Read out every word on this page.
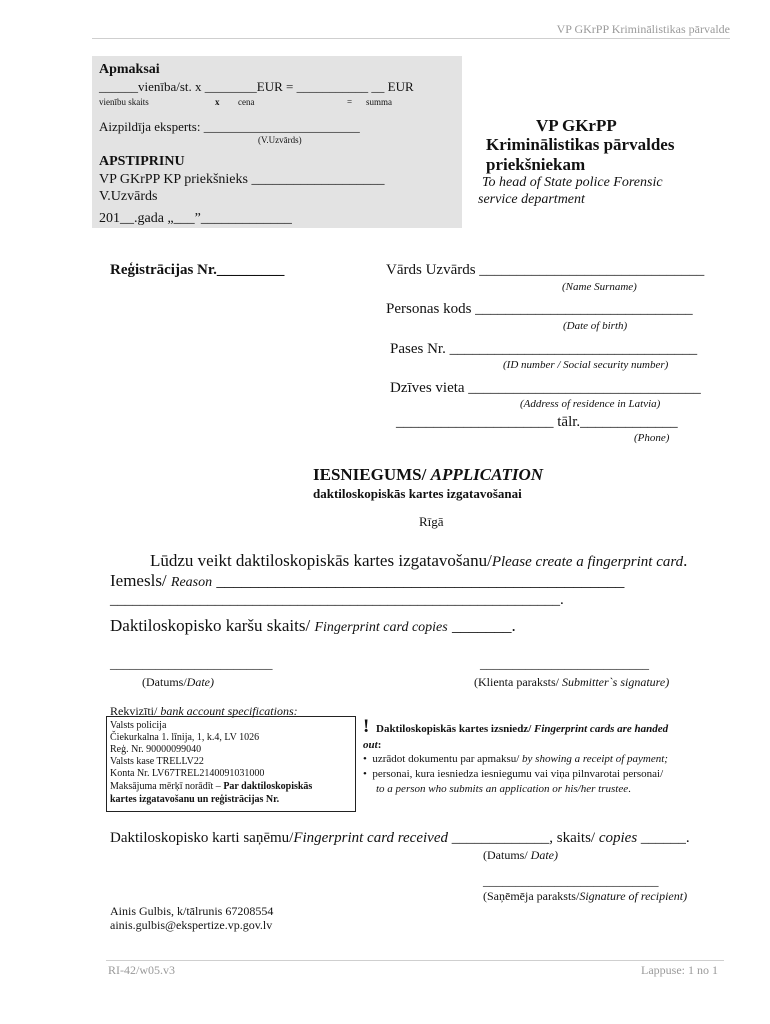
VP GKrPP Kriminālistikas pārvalde
Apmaksai
______vienība/st. x ________EUR = ___________ __ EUR
vienību skaits	x cena	= summa
Aizpildīja eksperts: ________________________
(V.Uzvārds)
APSTIPRINU
VP GKrPP KP priekšnieks ___________________
V.Uzvārds
201__.gada „___”_____________
VP GKrPP
Kriminālistikas pārvaldes
priekšniekam
To head of State police Forensic
service department
Reģistrācijas Nr._________	Vārds Uzvārds ______________________________
(Name Surname)
Personas kods _____________________________
(Date of birth)
Pases Nr. _________________________________
(ID number / Social security number)
Dzīves vieta _______________________________
(Address of residence in Latvia)
_____________________ tālr._____________
(Phone)
IESNIEGUMS/ APPLICATION
daktiloskopiskās kartes izgatavošanai
Rīgā
Lūdzu veikt daktiloskopiskās kartes izgatavošanu/Please create a fingerprint card.
Iemesls/ Reason ________________________________________________
____________________________________________________________.
Daktiloskopisko karšu skaits/ Fingerprint card copies _______.
_________________________
(Datums/Date)
__________________________
(Klienta paraksts/ Submitter`s signature)
Rekvizīti/ bank account specifications:
Valsts policija
Čiekurkalna 1. līnija, 1, k.4, LV 1026
Reģ. Nr. 90000099040
Valsts kase TRELLV22
Konta Nr. LV67TREL2140091031000
Maksājuma mērķī norādīt – Par daktiloskopiskās
kartes izgatavošanu un reģistrācijas Nr.
! Daktiloskopiskās kartes izsniedz/ Fingerprint cards are handed
out:
•  uzrādot dokumentu par apmaksu/ by showing a receipt of payment;
•  personai, kura iesniedza iesniegumu vai viņa pilnvarotai personai/
to a person who submits an application or his/her trustee.
Daktiloskopisko karti saņēmu/Fingerprint card received _____________, skaits/ copies ______.
(Datums/ Date)
___________________________
(Saņēmēja paraksts/Signature of recipient)
Ainis Gulbis, k/tālrunis 67208554
ainis.gulbis@ekspertize.vp.gov.lv
RI-42/w05.v3	Lappuse: 1 no 1
